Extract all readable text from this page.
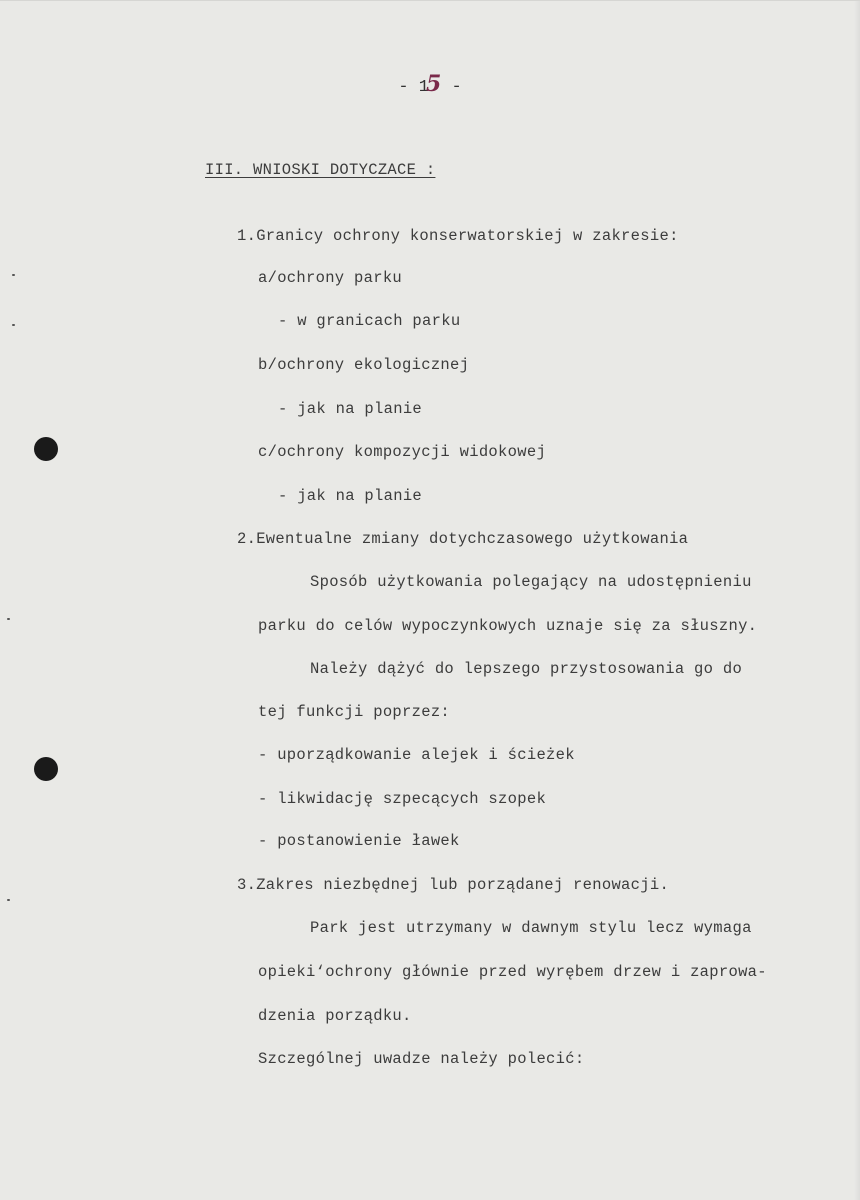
- 15 -
III. WNIOSKI DOTYCZACE :
1.Granicy ochrony konserwatorskiej w zakresie:
a/ochrony parku
- w granicach parku
b/ochrony ekologicznej
- jak na planie
c/ochrony kompozycji widokowej
- jak na planie
2.Ewentualne zmiany dotychczasowego użytkowania
Sposób użytkowania polegający na udostępnieniu
parku do celów wypoczynkowych uznaje się za słuszny.
Należy dążyć do lepszego przystosowania go do
tej funkcji poprzez:
- uporządkowanie alejek i ścieżek
- likwidację szpecących szopek
- postanowienie ławek
3.Zakres niezbędnej lub porządanej renowacji.
Park jest utrzymany w dawnym stylu lecz wymaga
opieki‘ochrony głównie przed wyrębem drzew i zaprowa-
dzenia porządku.
Szczególnej uwadze należy polecić:
